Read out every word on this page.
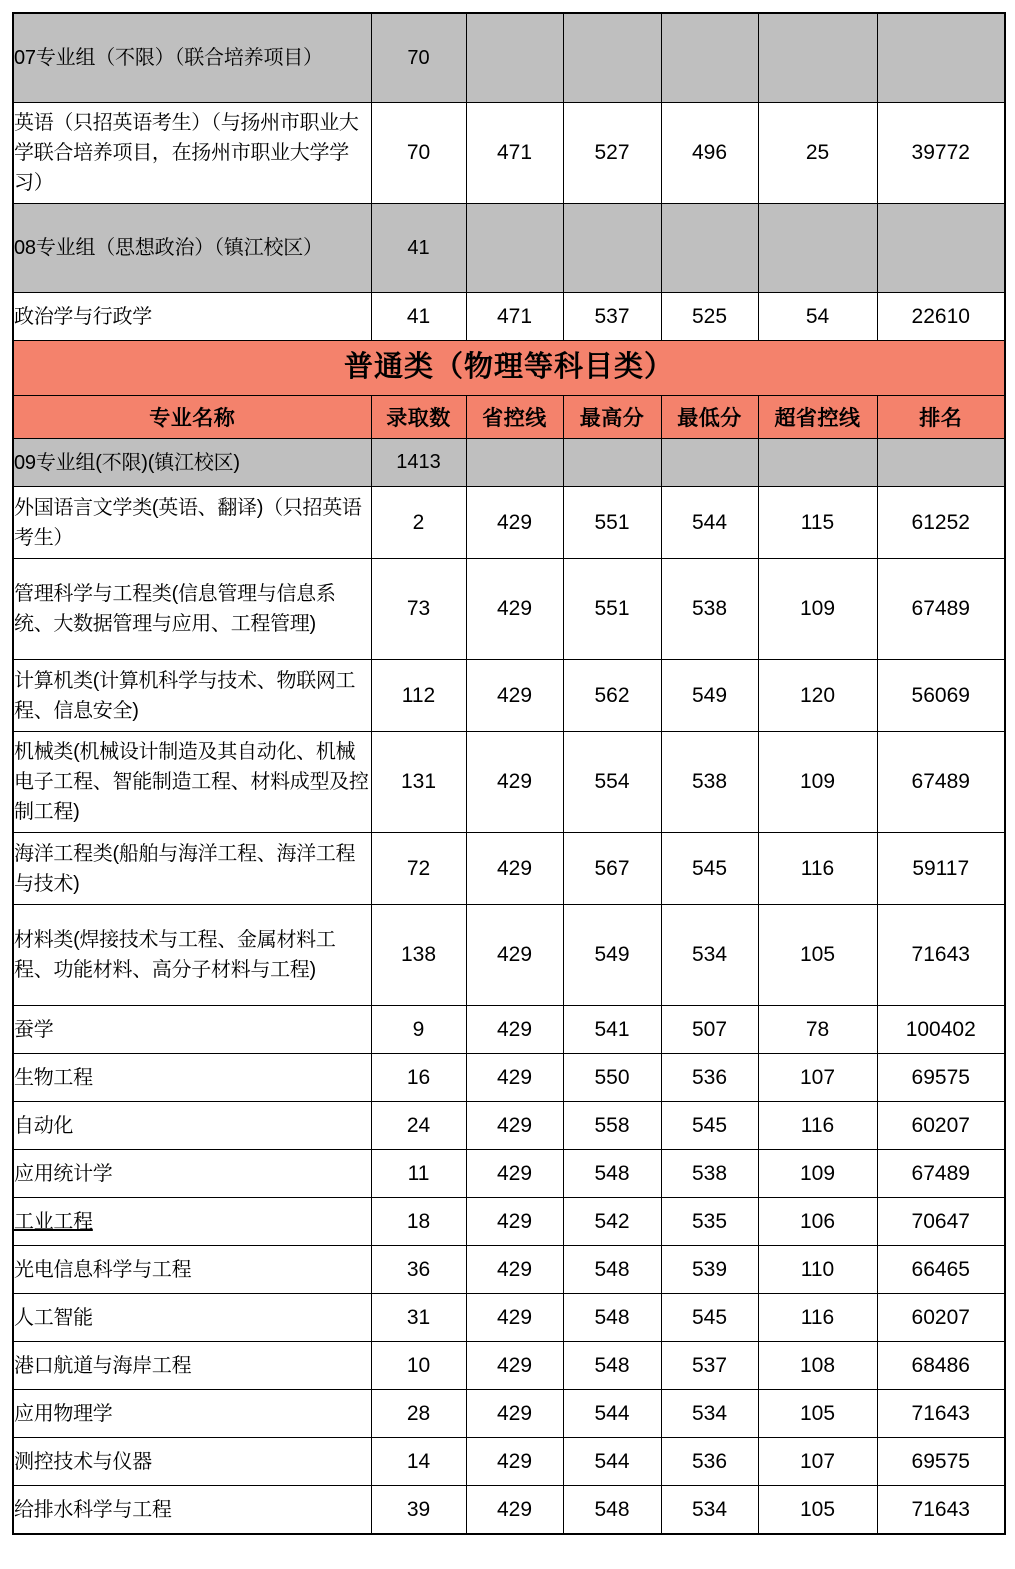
07专业组（不限）（联合培养项目）	70					
英语（只招英语考生）（与扬州市职业大学联合培养项目，在扬州市职业大学学习）	70	471	527	496	25	39772
08专业组（思想政治）（镇江校区）	41					
政治学与行政学	41	471	537	525	54	22610
普通类（物理等科目类）						
专业名称	录取数	省控线	最高分	最低分	超省控线	排名
09专业组(不限)(镇江校区)	1413					
外国语言文学类(英语、翻译)（只招英语考生）	2	429	551	544	115	61252
管理科学与工程类(信息管理与信息系统、大数据管理与应用、工程管理)	73	429	551	538	109	67489
计算机类(计算机科学与技术、物联网工程、信息安全)	112	429	562	549	120	56069
机械类(机械设计制造及其自动化、机械电子工程、智能制造工程、材料成型及控制工程)	131	429	554	538	109	67489
海洋工程类(船舶与海洋工程、海洋工程与技术)	72	429	567	545	116	59117
材料类(焊接技术与工程、金属材料工程、功能材料、高分子材料与工程)	138	429	549	534	105	71643
蚕学	9	429	541	507	78	100402
生物工程	16	429	550	536	107	69575
自动化	24	429	558	545	116	60207
应用统计学	11	429	548	538	109	67489
工业工程	18	429	542	535	106	70647
光电信息科学与工程	36	429	548	539	110	66465
人工智能	31	429	548	545	116	60207
港口航道与海岸工程	10	429	548	537	108	68486
应用物理学	28	429	544	534	105	71643
测控技术与仪器	14	429	544	536	107	69575
给排水科学与工程	39	429	548	534	105	71643
